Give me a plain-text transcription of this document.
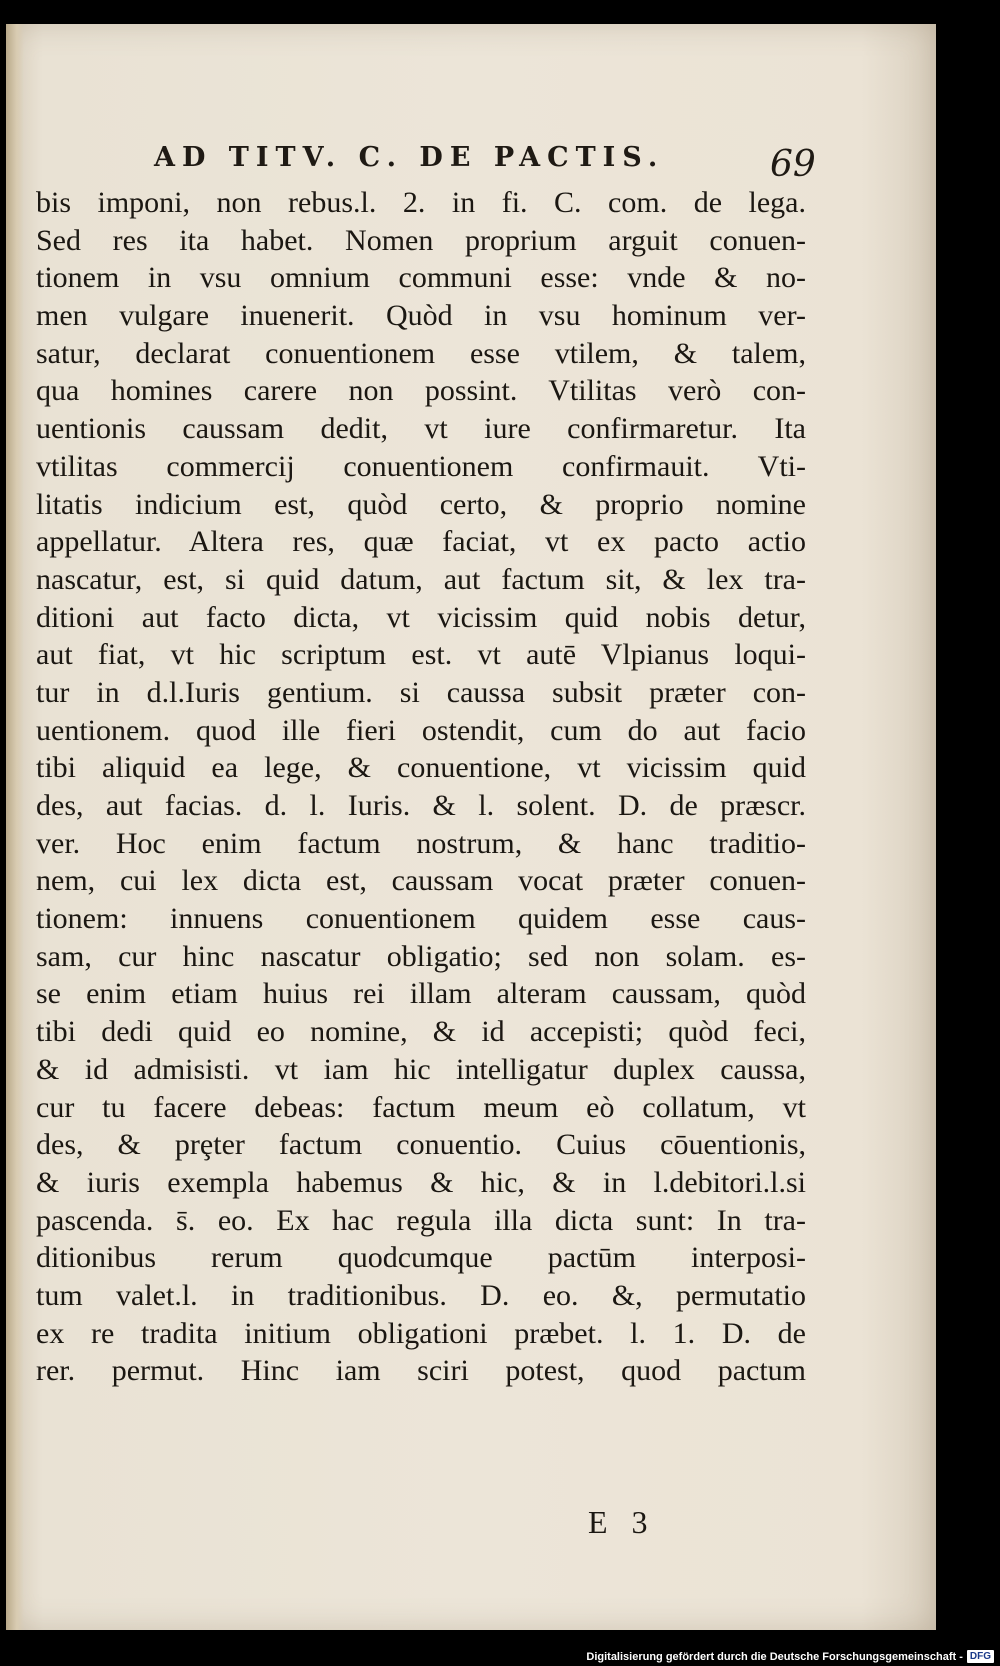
AD TITV. C. DE PACTIS.	69
bis imponi, non rebus.l. 2. in fi. C. com. de lega.
Sed res ita habet. Nomen proprium arguit conuen-
tionem in vsu omnium communi esse: vnde & no-
men vulgare inuenerit. Quòd in vsu hominum ver-
satur, declarat conuentionem esse vtilem, & talem,
qua homines carere non possint. Vtilitas verò con-
uentionis caussam dedit, vt iure confirmaretur. Ita
vtilitas commercij conuentionem confirmauit. Vti-
litatis indicium est, quòd certo, & proprio nomine
appellatur. Altera res, quæ faciat, vt ex pacto actio
nascatur, est, si quid datum, aut factum sit, & lex tra-
ditioni aut facto dicta, vt vicissim quid nobis detur,
aut fiat, vt hic scriptum est. vt autē Vlpianus loqui-
tur in d.l.Iuris gentium. si caussa subsit præter con-
uentionem. quod ille fieri ostendit, cum do aut facio
tibi aliquid ea lege, & conuentione, vt vicissim quid
des, aut facias. d. l. Iuris. & l. solent. D. de præscr.
ver. Hoc enim factum nostrum, & hanc traditio-
nem, cui lex dicta est, caussam vocat præter conuen-
tionem: innuens conuentionem quidem esse caus-
sam, cur hinc nascatur obligatio; sed non solam. es-
se enim etiam huius rei illam alteram caussam, quòd
tibi dedi quid eo nomine, & id accepisti; quòd feci,
& id admisisti. vt iam hic intelligatur duplex caussa,
cur tu facere debeas: factum meum eò collatum, vt
des, & prȩter factum conuentio. Cuius cōuentionis,
& iuris exempla habemus & hic, & in l.debitori.l.si
pascenda. s̄. eo. Ex hac regula illa dicta sunt: In tra-
ditionibus rerum quodcumque pactūm interposi-
tum valet.l. in traditionibus. D. eo. &, permutatio
ex re tradita initium obligationi præbet. l. 1. D. de
rer. permut. Hinc iam sciri potest, quod pactum
E 3
Digitalisierung gefördert durch die Deutsche Forschungsgemeinschaft - DFG
